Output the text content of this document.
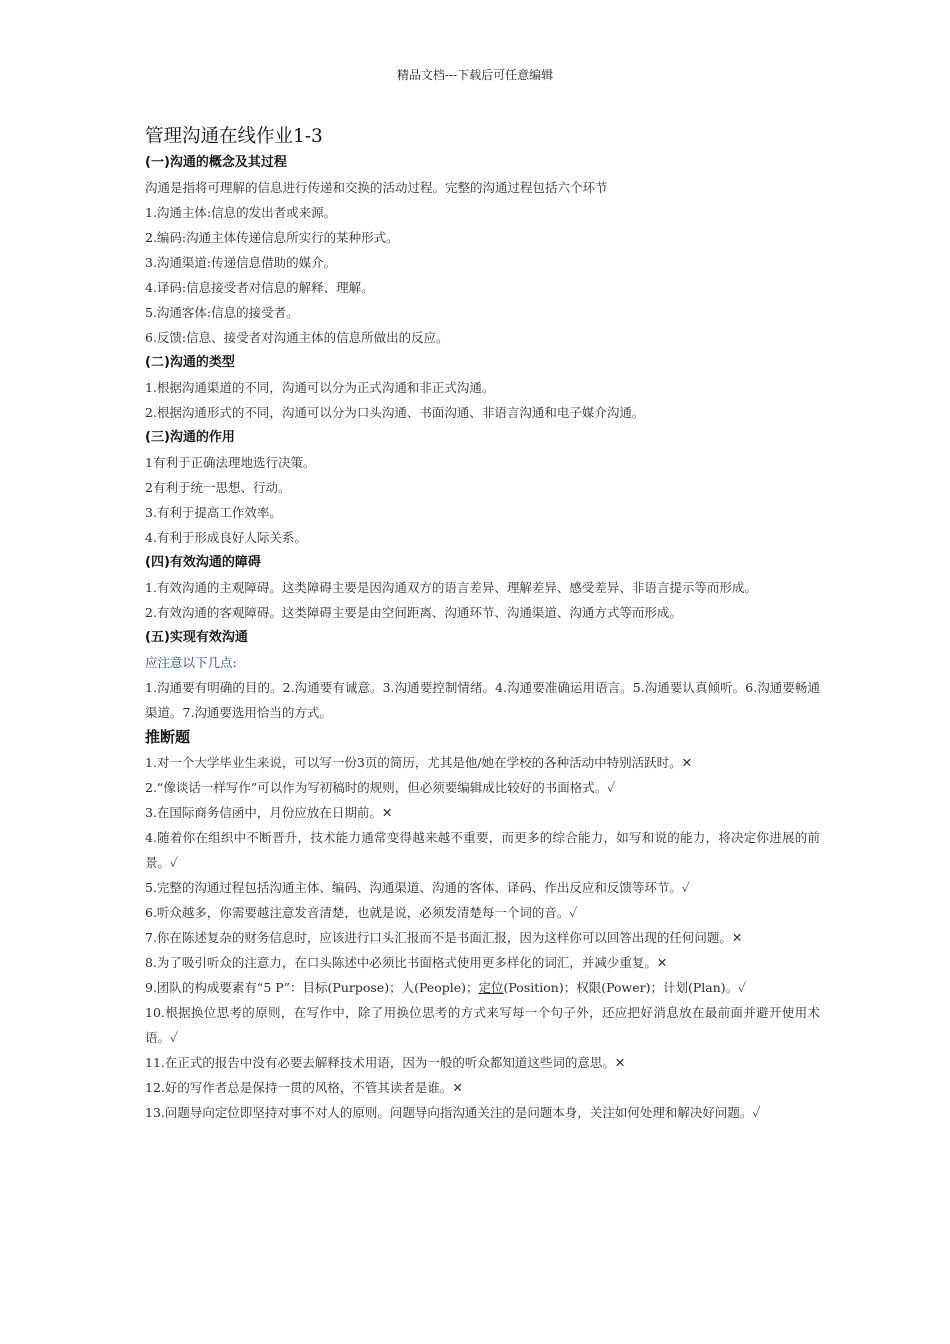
精品文档---下载后可任意编辑
管理沟通在线作业1-3
(一)沟通的概念及其过程
沟通是指将可理解的信息进行传递和交换的活动过程。完整的沟通过程包括六个环节
1.沟通主体:信息的发出者或来源。
2.编码:沟通主体传递信息所实行的某种形式。
3.沟通渠道:传递信息借助的媒介。
4.译码:信息接受者对信息的解释、理解。
5.沟通客体:信息的接受者。
6.反馈:信息、接受者对沟通主体的信息所做出的反应。
(二)沟通的类型
1.根据沟通渠道的不同，沟通可以分为正式沟通和非正式沟通。
2.根据沟通形式的不同，沟通可以分为口头沟通、书面沟通、非语言沟通和电子媒介沟通。
(三)沟通的作用
1有利于正确法理地选行决策。
2有利于统一思想、行动。
3.有利于提高工作效率。
4.有利于形成良好人际关系。
(四)有效沟通的障碍
1.有效沟通的主观障碍。这类障碍主要是因沟通双方的语言差异、理解差异、感受差异、非语言提示等而形成。
2.有效沟通的客观障碍。这类障碍主要是由空间距离、沟通环节、沟通渠道、沟通方式等而形成。
(五)实现有效沟通
应注意以下几点:
1.沟通要有明确的目的。2.沟通要有诚意。3.沟通要控制情绪。4.沟通要准确运用语言。5.沟通要认真倾听。6.沟通要畅通渠道。7.沟通要选用恰当的方式。
推断题
1.对一个大学毕业生来说，可以写一份3页的简历，尤其是他/她在学校的各种活动中特别活跃时。✕
2.“像谈话一样写作”可以作为写初稿时的规则，但必须要编辑成比较好的书面格式。✓
3.在国际商务信函中，月份应放在日期前。✕
4.随着你在组织中不断晋升，技术能力通常变得越来越不重要，而更多的综合能力，如写和说的能力，将决定你进展的前景。✓
5.完整的沟通过程包括沟通主体、编码、沟通渠道、沟通的客体、译码、作出反应和反馈等环节。✓
6.听众越多，你需要越注意发音清楚，也就是说，必须发清楚每一个词的音。✓
7.你在陈述复杂的财务信息时，应该进行口头汇报而不是书面汇报，因为这样你可以回答出现的任何问题。✕
8.为了吸引听众的注意力，在口头陈述中必须比书面格式使用更多样化的词汇，并减少重复。✕
9.团队的构成要素有“5 P”：目标(Purpose)；人(People)；定位(Position)；权限(Power)；计划(Plan)。✓
10.根据换位思考的原则，在写作中，除了用换位思考的方式来写每一个句子外，还应把好消息放在最前面并避开使用术语。✓
11.在正式的报告中没有必要去解释技术用语，因为一般的听众都知道这些词的意思。✕
12.好的写作者总是保持一贯的风格，不管其读者是谁。✕
13.问题导向定位即坚持对事不对人的原则。问题导向指沟通关注的是问题本身，关注如何处理和解决好问题。✓
